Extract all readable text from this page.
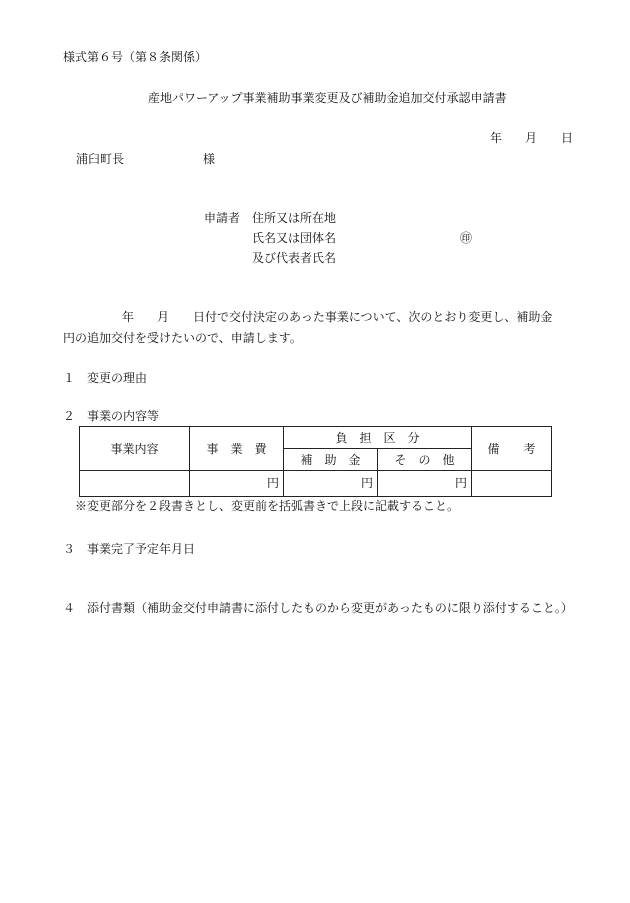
様式第６号（第８条関係）
産地パワーアップ事業補助事業変更及び補助金追加交付承認申請書
年 月 日
浦臼町長	様
申請者 住所又は所在地
氏名又は団体名	㊞
及び代表者氏名
年 月 日付で交付決定のあった事業について、次のとおり変更し、補助金
円の追加交付を受けたいので、申請します。
１ 変更の理由
２ 事業の内容等
事業内容	事　業　費	負　担　区　分		備　　考
		補　助　金	そ　の　他	
	円	円	円	
※変更部分を２段書きとし、変更前を括弧書きで上段に記載すること。
３ 事業完了予定年月日
４ 添付書類（補助金交付申請書に添付したものから変更があったものに限り添付すること。）
